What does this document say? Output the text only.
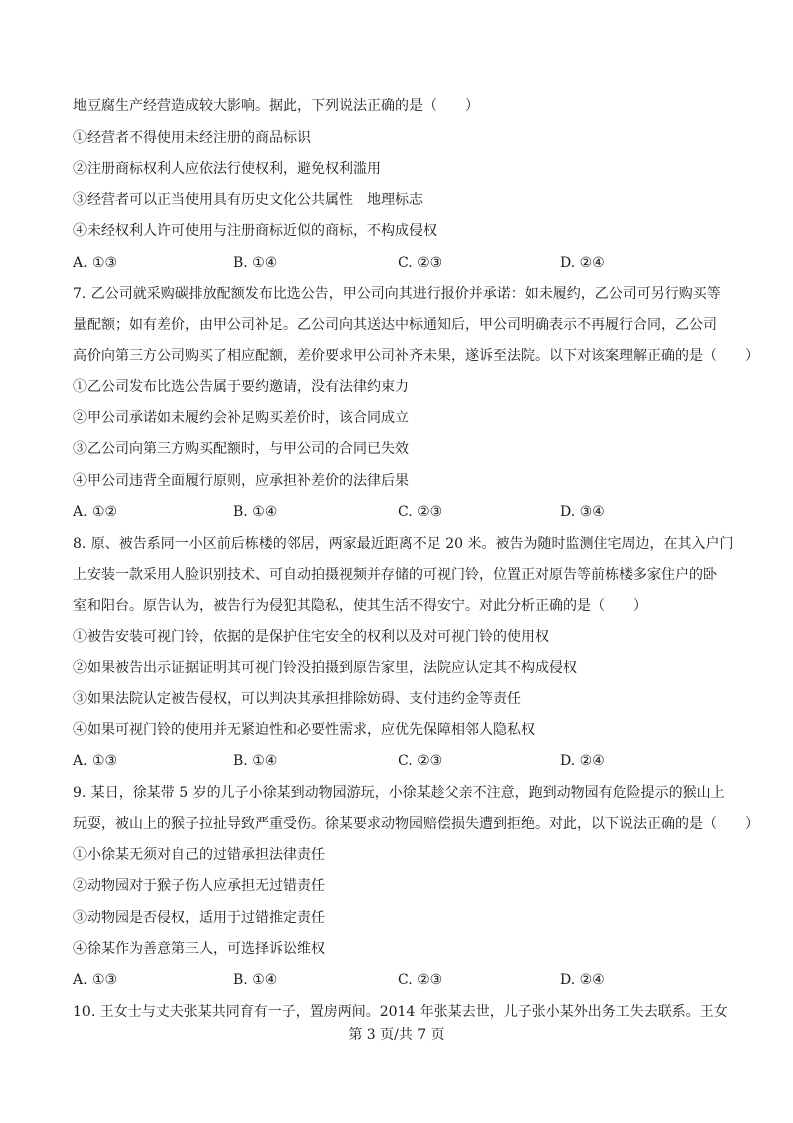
地豆腐生产经营造成较大影响。据此，下列说法正确的是（　　）
①经营者不得使用未经注册的商品标识
②注册商标权利人应依法行使权利，避免权利滥用
③经营者可以正当使用具有历史文化公共属性　地理标志
④未经权利人许可使用与注册商标近似的商标，不构成侵权
A. ①③	B. ①④	C. ②③	D. ②④
7. 乙公司就采购碳排放配额发布比选公告，甲公司向其进行报价并承诺：如未履约，乙公司可另行购买等
量配额；如有差价，由甲公司补足。乙公司向其送达中标通知后，甲公司明确表示不再履行合同，乙公司
高价向第三方公司购买了相应配额，差价要求甲公司补齐未果，遂诉至法院。以下对该案理解正确的是（　　）
①乙公司发布比选公告属于要约邀请，没有法律约束力
②甲公司承诺如未履约会补足购买差价时，该合同成立
③乙公司向第三方购买配额时，与甲公司的合同已失效
④甲公司违背全面履行原则，应承担补差价的法律后果
A. ①②	B. ①④	C. ②③	D. ③④
8. 原、被告系同一小区前后栋楼的邻居，两家最近距离不足 20 米。被告为随时监测住宅周边，在其入户门
上安装一款采用人脸识别技术、可自动拍摄视频并存储的可视门铃，位置正对原告等前栋楼多家住户的卧
室和阳台。原告认为，被告行为侵犯其隐私，使其生活不得安宁。对此分析正确的是（　　）
①被告安装可视门铃，依据的是保护住宅安全的权利以及对可视门铃的使用权
②如果被告出示证据证明其可视门铃没拍摄到原告家里，法院应认定其不构成侵权
③如果法院认定被告侵权，可以判决其承担排除妨碍、支付违约金等责任
④如果可视门铃的使用并无紧迫性和必要性需求，应优先保障相邻人隐私权
A. ①③	B. ①④	C. ②③	D. ②④
9. 某日，徐某带 5 岁的儿子小徐某到动物园游玩，小徐某趁父亲不注意，跑到动物园有危险提示的猴山上
玩耍，被山上的猴子拉扯导致严重受伤。徐某要求动物园赔偿损失遭到拒绝。对此，以下说法正确的是（　　）
①小徐某无须对自己的过错承担法律责任
②动物园对于猴子伤人应承担无过错责任
③动物园是否侵权，适用于过错推定责任
④徐某作为善意第三人，可选择诉讼维权
A. ①③	B. ①④	C. ②③	D. ②④
10. 王女士与丈夫张某共同育有一子，置房两间。2014 年张某去世，儿子张小某外出务工失去联系。王女
第 3 页/共 7 页
